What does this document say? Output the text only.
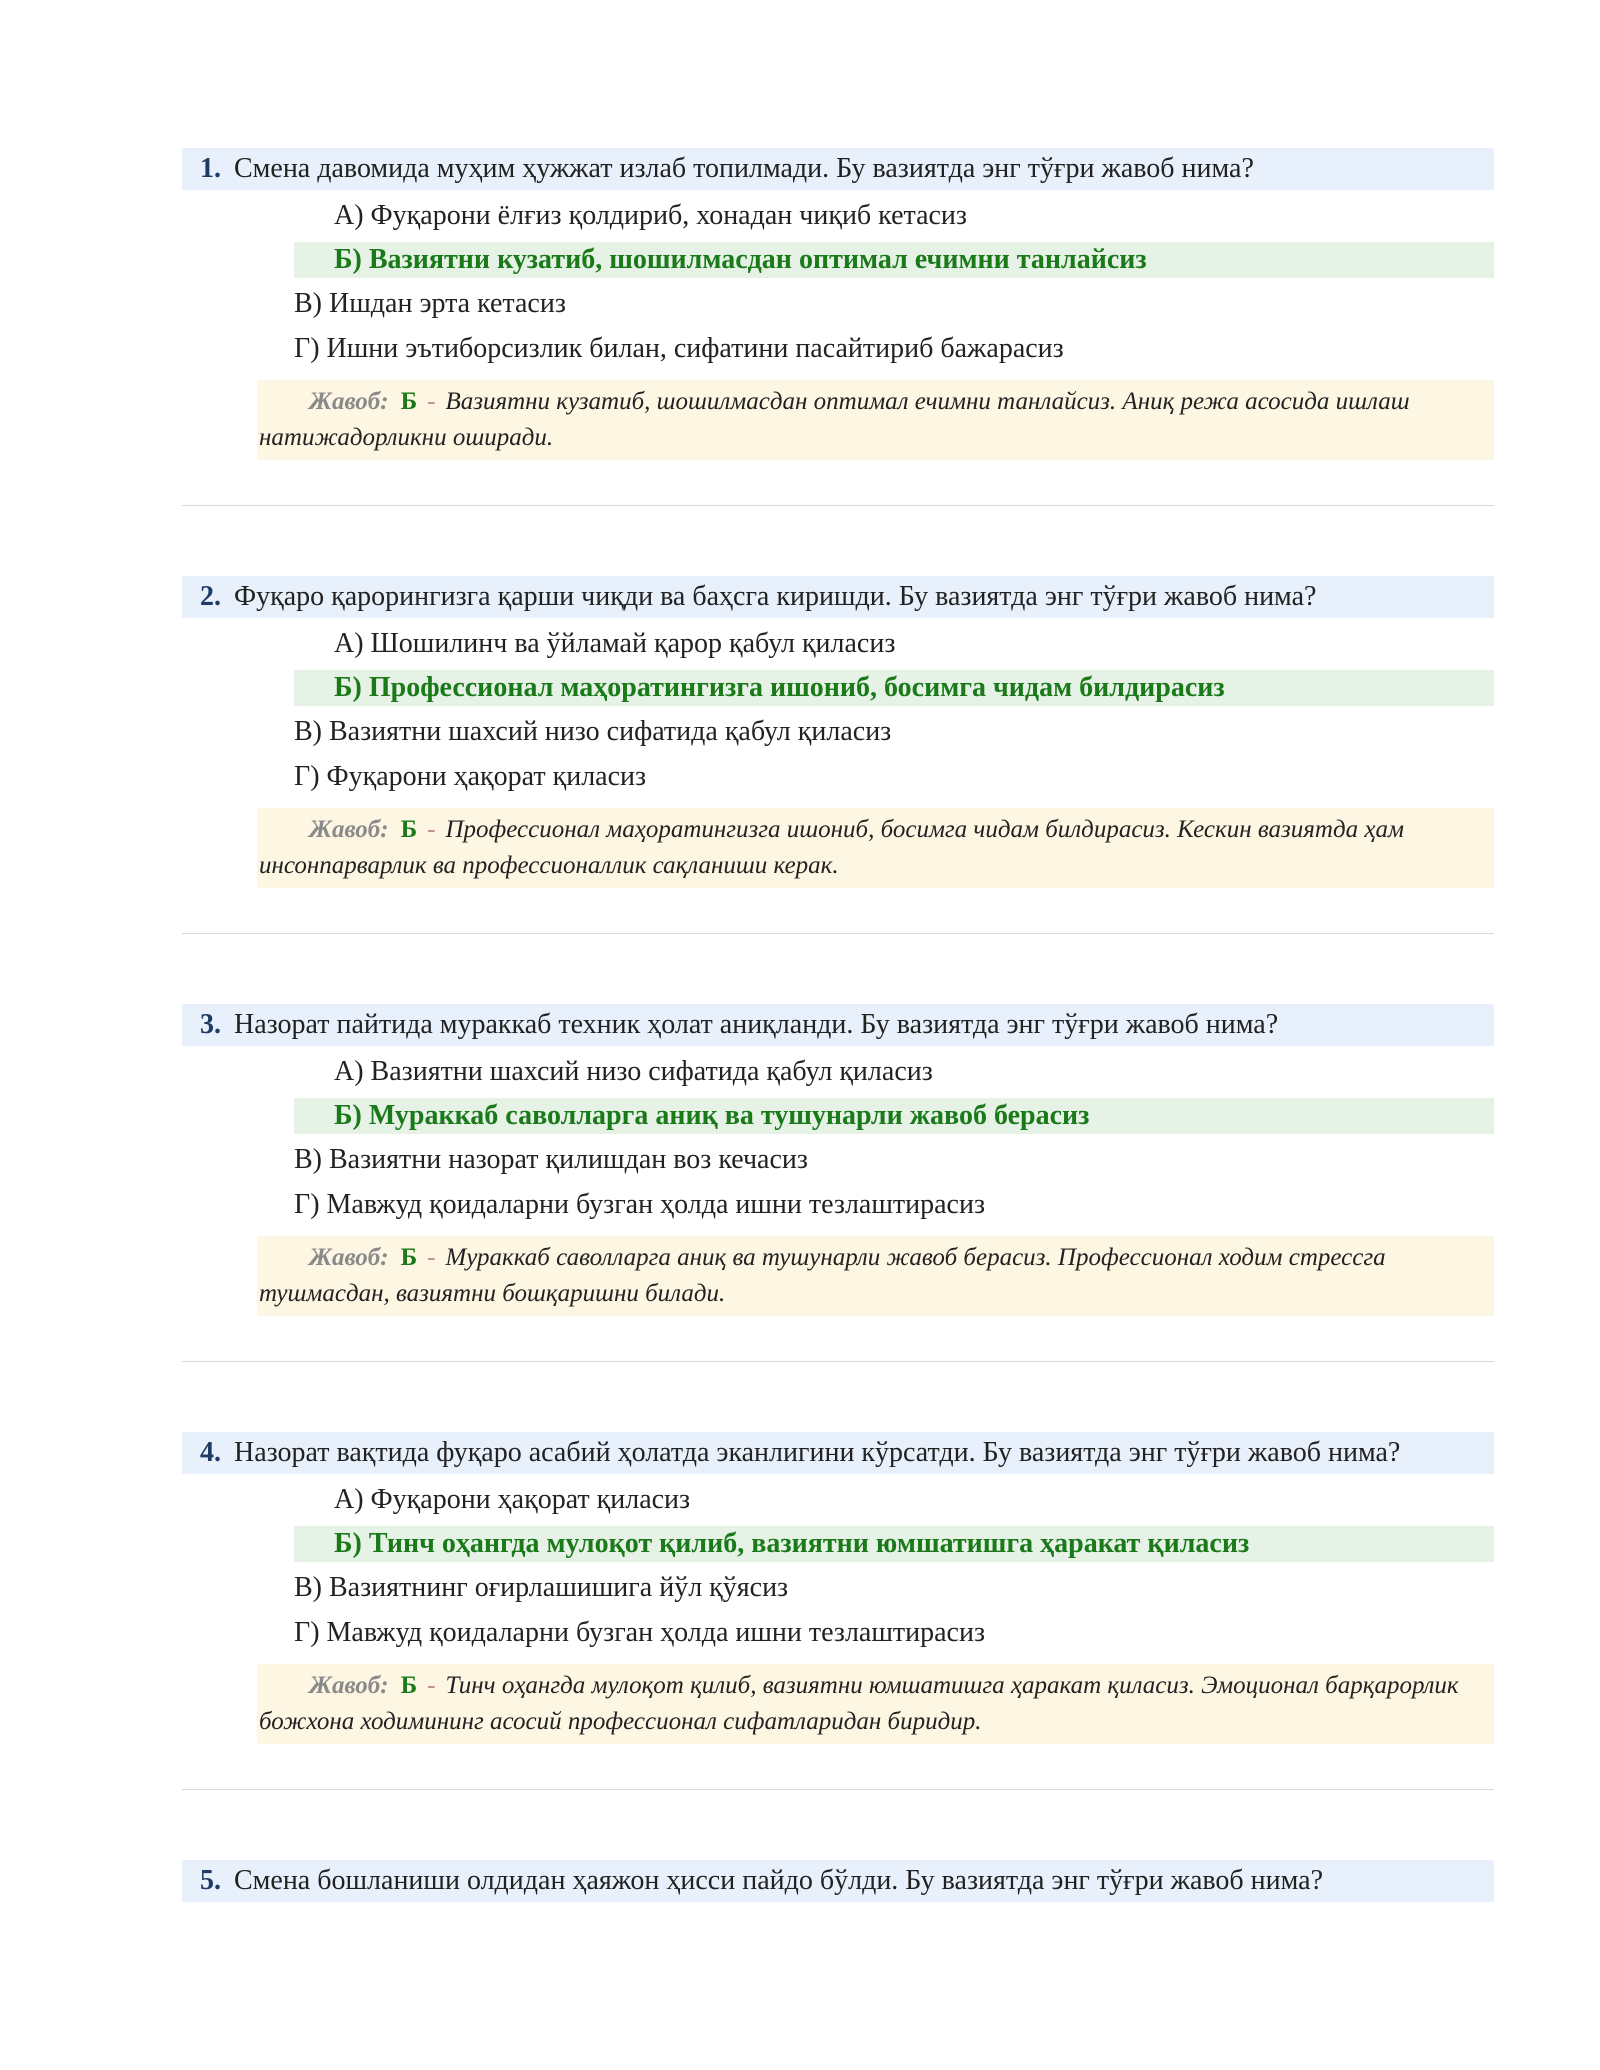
1. Смена давомида муҳим ҳужжат излаб топилмади. Бу вазиятда энг тўғри жавоб нима?
А) Фуқарони ёлғиз қолдириб, хонадан чиқиб кетасиз
Б) Вазиятни кузатиб, шошилмасдан оптимал ечимни танлайсиз
В) Ишдан эрта кетасиз
Г) Ишни эътиборсизлик билан, сифатини пасайтириб бажарасиз
Жавоб: Б - Вазиятни кузатиб, шошилмасдан оптимал ечимни танлайсиз. Аниқ режа асосида ишлаш натижадорликни оширади.
2. Фуқаро қарорингизга қарши чиқди ва баҳсга киришди. Бу вазиятда энг тўғри жавоб нима?
А) Шошилинч ва ўйламай қарор қабул қиласиз
Б) Профессионал маҳоратингизга ишониб, босимга чидам билдирасиз
В) Вазиятни шахсий низо сифатида қабул қиласиз
Г) Фуқарони ҳақорат қиласиз
Жавоб: Б - Профессионал маҳоратингизга ишониб, босимга чидам билдирасиз. Кескин вазиятда ҳам инсонпарварлик ва профессионаллик сақланиши керак.
3. Назорат пайтида мураккаб техник ҳолат аниқланди. Бу вазиятда энг тўғри жавоб нима?
А) Вазиятни шахсий низо сифатида қабул қиласиз
Б) Мураккаб саволларга аниқ ва тушунарли жавоб берасиз
В) Вазиятни назорат қилишдан воз кечасиз
Г) Мавжуд қоидаларни бузган ҳолда ишни тезлаштирасиз
Жавоб: Б - Мураккаб саволларга аниқ ва тушунарли жавоб берасиз. Профессионал ходим стрессга тушмасдан, вазиятни бошқаришни билади.
4. Назорат вақтида фуқаро асабий ҳолатда эканлигини кўрсатди. Бу вазиятда энг тўғри жавоб нима?
А) Фуқарони ҳақорат қиласиз
Б) Тинч оҳангда мулоқот қилиб, вазиятни юмшатишга ҳаракат қиласиз
В) Вазиятнинг оғирлашишига йўл қўясиз
Г) Мавжуд қоидаларни бузган ҳолда ишни тезлаштирасиз
Жавоб: Б - Тинч оҳангда мулоқот қилиб, вазиятни юмшатишга ҳаракат қиласиз. Эмоционал барқарорлик божхона ходимининг асосий профессионал сифатларидан биридир.
5. Смена бошланиши олдидан ҳаяжон ҳисси пайдо бўлди. Бу вазиятда энг тўғри жавоб нима?
